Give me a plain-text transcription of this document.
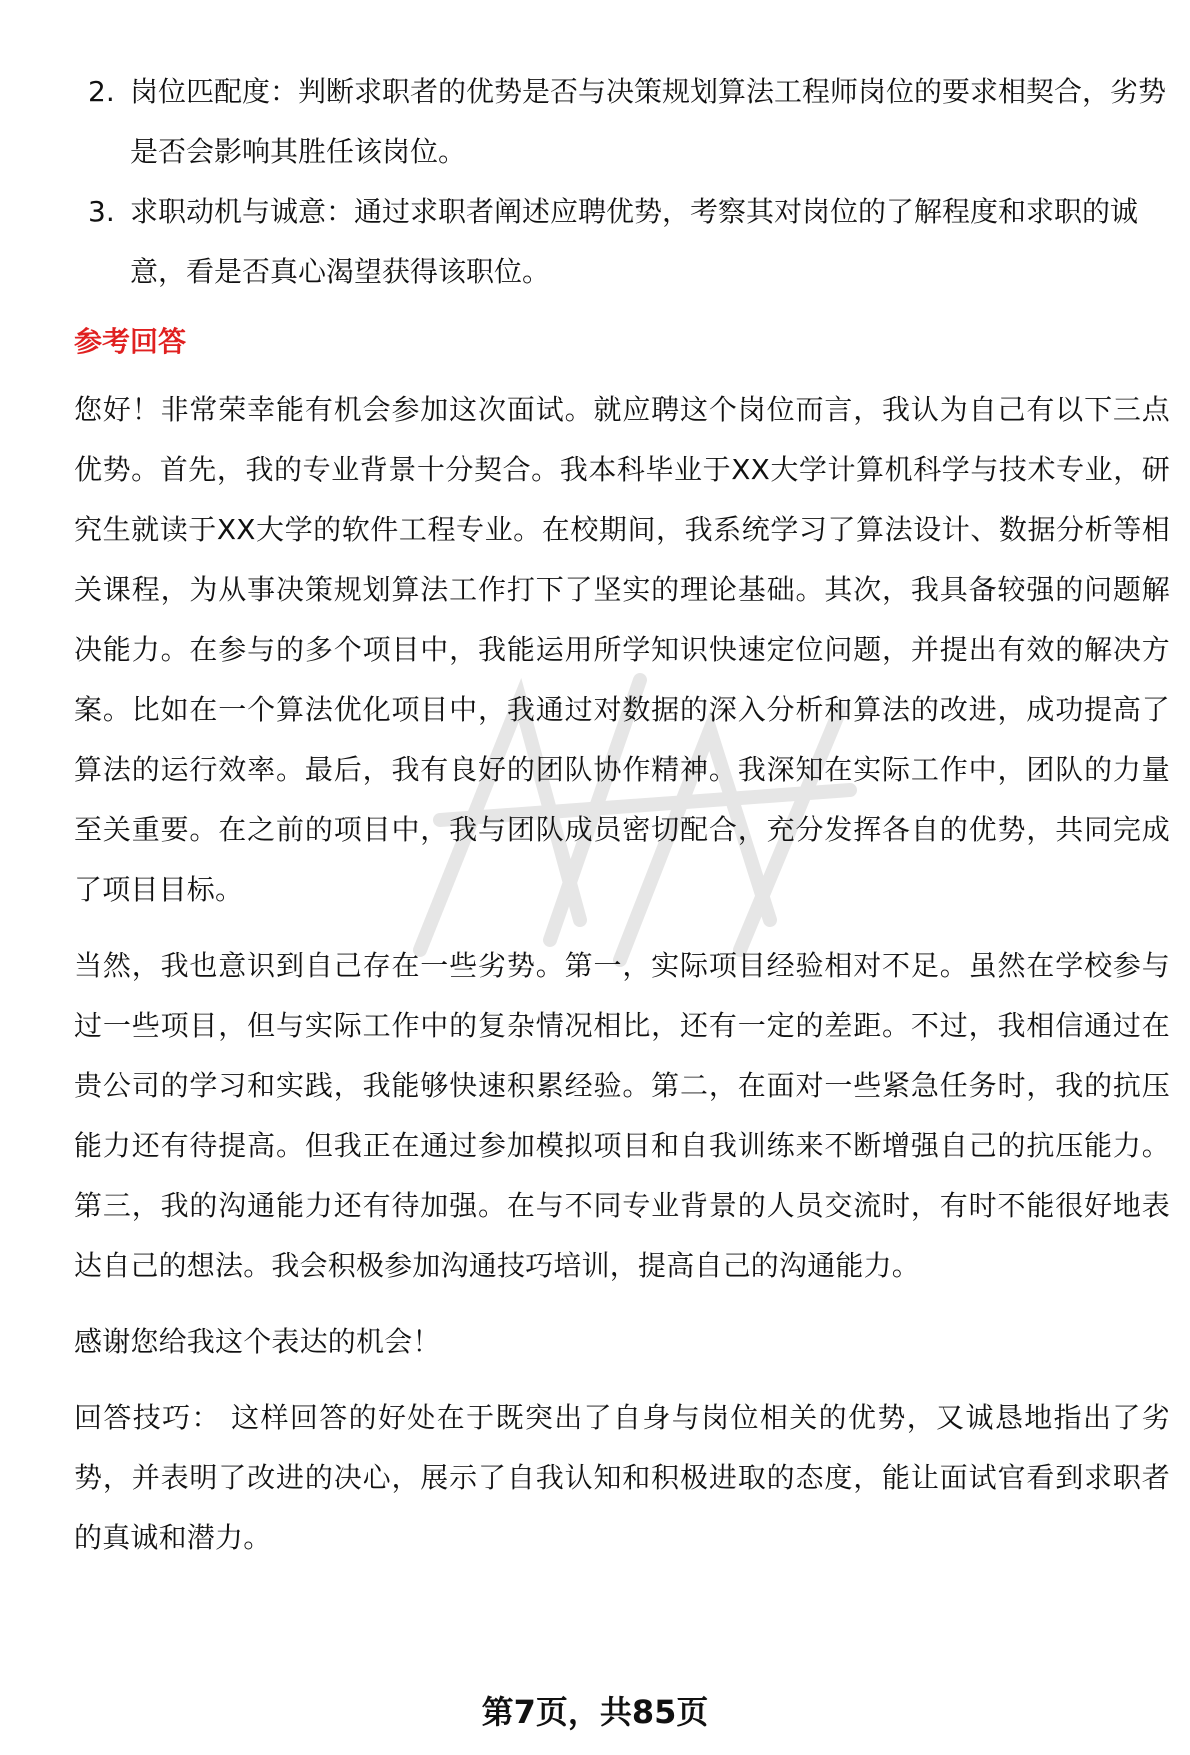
2. 岗位匹配度：判断求职者的优势是否与决策规划算法工程师岗位的要求相契合，劣势是否会影响其胜任该岗位。
3. 求职动机与诚意：通过求职者阐述应聘优势，考察其对岗位的了解程度和求职的诚意，看是否真心渴望获得该职位。
参考回答

您好！非常荣幸能有机会参加这次面试。就应聘这个岗位而言，我认为自己有以下三点优势。首先，我的专业背景十分契合。我本科毕业于XX大学计算机科学与技术专业，研究生就读于XX大学的软件工程专业。在校期间，我系统学习了算法设计、数据分析等相关课程，为从事决策规划算法工作打下了坚实的理论基础。其次，我具备较强的问题解决能力。在参与的多个项目中，我能运用所学知识快速定位问题，并提出有效的解决方案。比如在一个算法优化项目中，我通过对数据的深入分析和算法的改进，成功提高了算法的运行效率。最后，我有良好的团队协作精神。我深知在实际工作中，团队的力量至关重要。在之前的项目中，我与团队成员密切配合，充分发挥各自的优势，共同完成了项目目标。

当然，我也意识到自己存在一些劣势。第一，实际项目经验相对不足。虽然在学校参与过一些项目，但与实际工作中的复杂情况相比，还有一定的差距。不过，我相信通过在贵公司的学习和实践，我能够快速积累经验。第二，在面对一些紧急任务时，我的抗压能力还有待提高。但我正在通过参加模拟项目和自我训练来不断增强自己的抗压能力。第三，我的沟通能力还有待加强。在与不同专业背景的人员交流时，有时不能很好地表达自己的想法。我会积极参加沟通技巧培训，提高自己的沟通能力。

感谢您给我这个表达的机会！

回答技巧： 这样回答的好处在于既突出了自身与岗位相关的优势，又诚恳地指出了劣势，并表明了改进的决心，展示了自我认知和积极进取的态度，能让面试官看到求职者的真诚和潜力。

第7页，共85页
